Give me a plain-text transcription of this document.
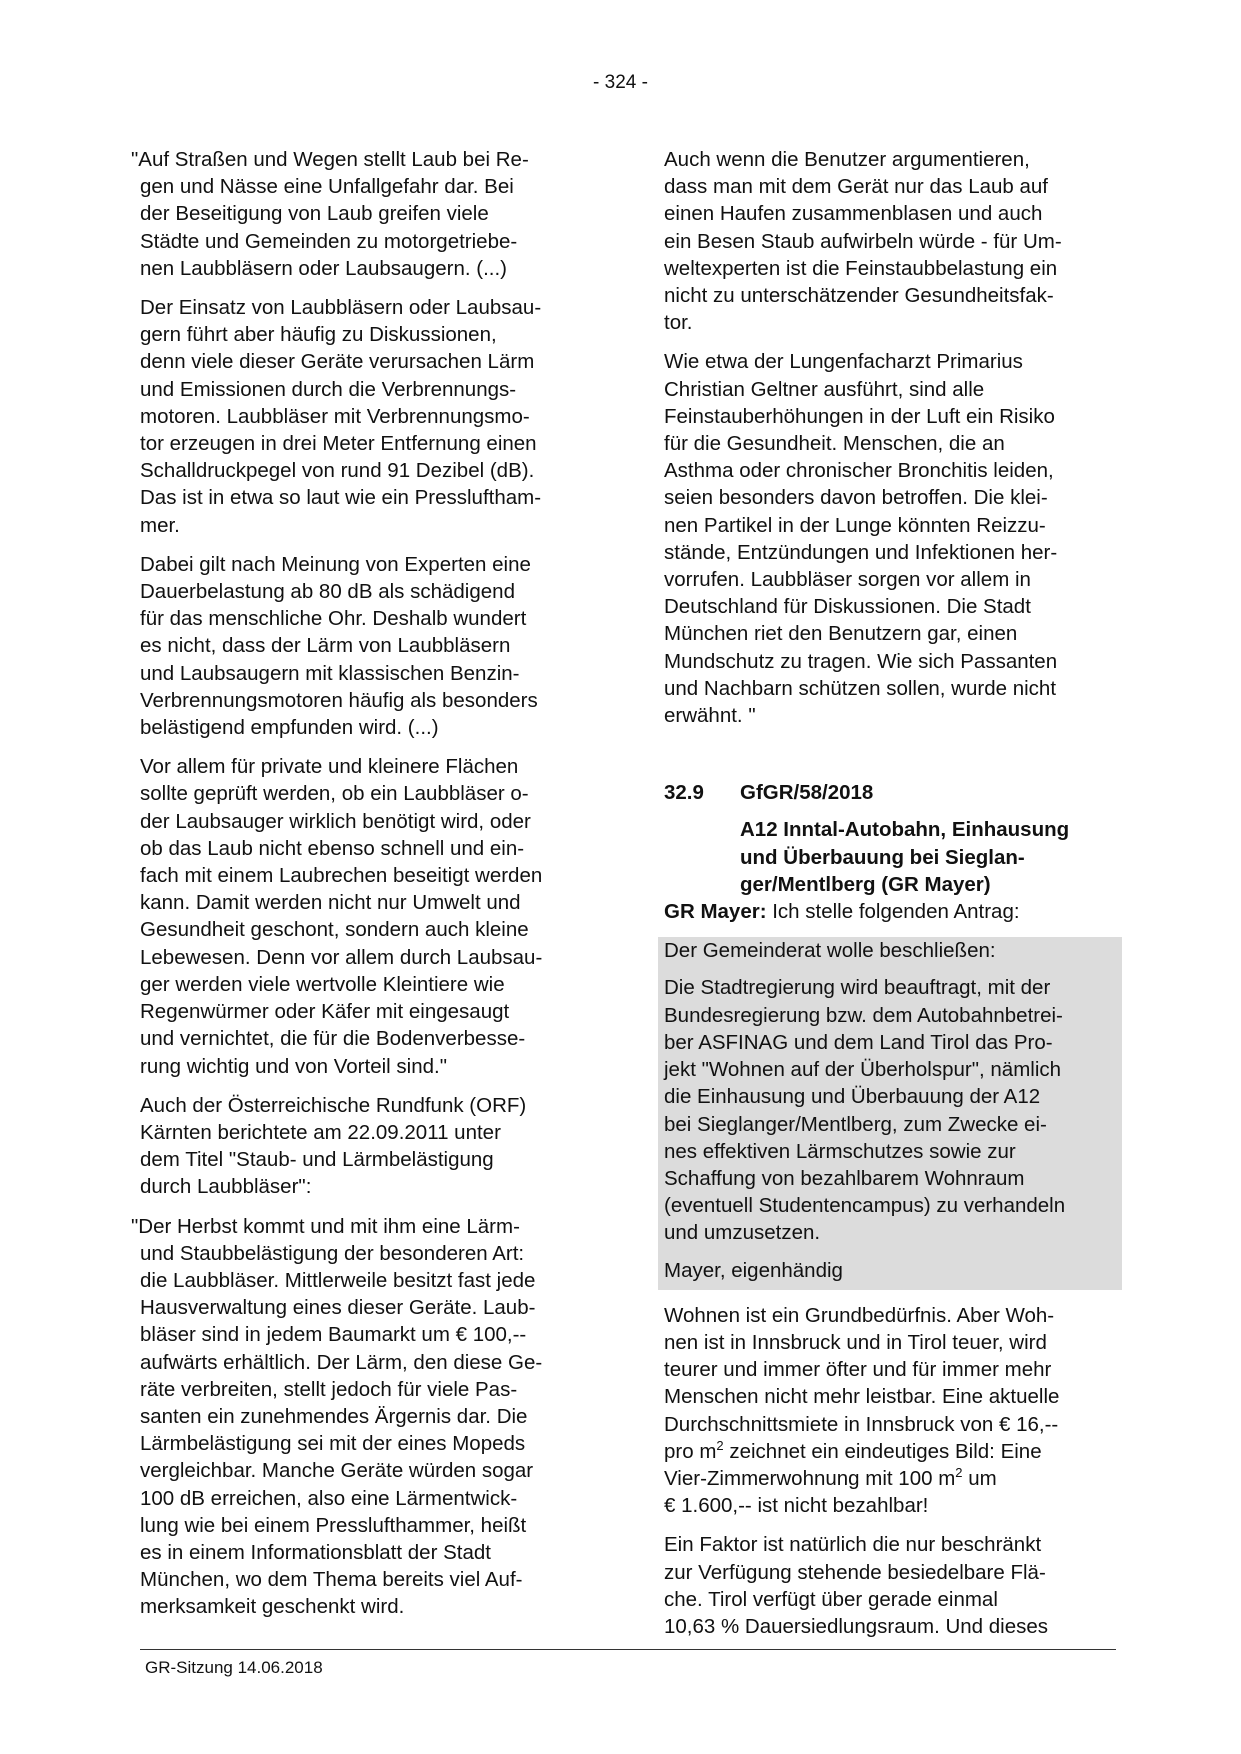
- 324 -

"Auf Straßen und Wegen stellt Laub bei Re-
gen und Nässe eine Unfallgefahr dar. Bei
der Beseitigung von Laub greifen viele
Städte und Gemeinden zu motorgetriebe-
nen Laubbläsern oder Laubsaugern. (...)

Der Einsatz von Laubbläsern oder Laubsau-
gern führt aber häufig zu Diskussionen,
denn viele dieser Geräte verursachen Lärm
und Emissionen durch die Verbrennungs-
motoren. Laubbläser mit Verbrennungsmo-
tor erzeugen in drei Meter Entfernung einen
Schalldruckpegel von rund 91 Dezibel (dB).
Das ist in etwa so laut wie ein Pressluftham-
mer.

Dabei gilt nach Meinung von Experten eine
Dauerbelastung ab 80 dB als schädigend
für das menschliche Ohr. Deshalb wundert
es nicht, dass der Lärm von Laubbläsern
und Laubsaugern mit klassischen Benzin-
Verbrennungsmotoren häufig als besonders
belästigend empfunden wird. (...)

Vor allem für private und kleinere Flächen
sollte geprüft werden, ob ein Laubbläser o-
der Laubsauger wirklich benötigt wird, oder
ob das Laub nicht ebenso schnell und ein-
fach mit einem Laubrechen beseitigt werden
kann. Damit werden nicht nur Umwelt und
Gesundheit geschont, sondern auch kleine
Lebewesen. Denn vor allem durch Laubsau-
ger werden viele wertvolle Kleintiere wie
Regenwürmer oder Käfer mit eingesaugt
und vernichtet, die für die Bodenverbesse-
rung wichtig und von Vorteil sind."

Auch der Österreichische Rundfunk (ORF)
Kärnten berichtete am 22.09.2011 unter
dem Titel "Staub- und Lärmbelästigung
durch Laubbläser":

"Der Herbst kommt und mit ihm eine Lärm-
und Staubbelästigung der besonderen Art:
die Laubbläser. Mittlerweile besitzt fast jede
Hausverwaltung eines dieser Geräte. Laub-
bläser sind in jedem Baumarkt um € 100,--
aufwärts erhältlich. Der Lärm, den diese Ge-
räte verbreiten, stellt jedoch für viele Pas-
santen ein zunehmendes Ärgernis dar. Die
Lärmbelästigung sei mit der eines Mopeds
vergleichbar. Manche Geräte würden sogar
100 dB erreichen, also eine Lärmentwick-
lung wie bei einem Presslufthammer, heißt
es in einem Informationsblatt der Stadt
München, wo dem Thema bereits viel Auf-
merksamkeit geschenkt wird.

Auch wenn die Benutzer argumentieren,
dass man mit dem Gerät nur das Laub auf
einen Haufen zusammenblasen und auch
ein Besen Staub aufwirbeln würde - für Um-
weltexperten ist die Feinstaubbelastung ein
nicht zu unterschätzender Gesundheitsfak-
tor.

Wie etwa der Lungenfacharzt Primarius
Christian Geltner ausführt, sind alle
Feinstauberhöhungen in der Luft ein Risiko
für die Gesundheit. Menschen, die an
Asthma oder chronischer Bronchitis leiden,
seien besonders davon betroffen. Die klei-
nen Partikel in der Lunge könnten Reizzu-
stände, Entzündungen und Infektionen her-
vorrufen. Laubbläser sorgen vor allem in
Deutschland für Diskussionen. Die Stadt
München riet den Benutzern gar, einen
Mundschutz zu tragen. Wie sich Passanten
und Nachbarn schützen sollen, wurde nicht
erwähnt. "

32.9	GfGR/58/2018
A12 Inntal-Autobahn, Einhausung
und Überbauung bei Sieglan-
ger/Mentlberg (GR Mayer)

GR Mayer: Ich stelle folgenden Antrag:

Der Gemeinderat wolle beschließen:

Die Stadtregierung wird beauftragt, mit der
Bundesregierung bzw. dem Autobahnbetrei-
ber ASFINAG und dem Land Tirol das Pro-
jekt "Wohnen auf der Überholspur", nämlich
die Einhausung und Überbauung der A12
bei Sieglanger/Mentlberg, zum Zwecke ei-
nes effektiven Lärmschutzes sowie zur
Schaffung von bezahlbarem Wohnraum
(eventuell Studentencampus) zu verhandeln
und umzusetzen.

Mayer, eigenhändig

Wohnen ist ein Grundbedürfnis. Aber Woh-
nen ist in Innsbruck und in Tirol teuer, wird
teurer und immer öfter und für immer mehr
Menschen nicht mehr leistbar. Eine aktuelle
Durchschnittsmiete in Innsbruck von € 16,--
pro $m^2$ zeichnet ein eindeutiges Bild: Eine
Vier-Zimmerwohnung mit 100 $m^2$ um
€ 1.600,-- ist nicht bezahlbar!

Ein Faktor ist natürlich die nur beschränkt
zur Verfügung stehende besiedelbare Flä-
che. Tirol verfügt über gerade einmal
10,63 % Dauersiedlungsraum. Und dieses

GR-Sitzung 14.06.2018
